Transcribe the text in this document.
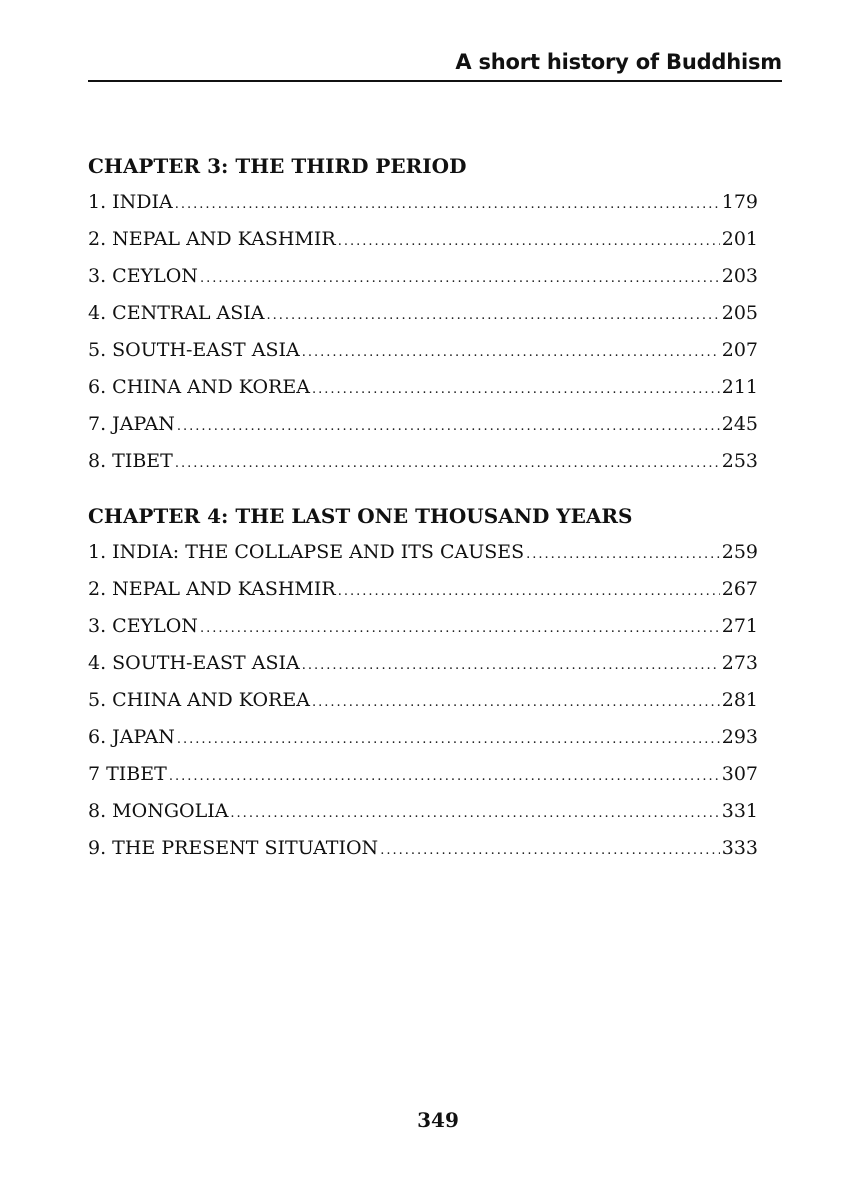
A short history of Buddhism
CHAPTER 3: THE THIRD PERIOD
1. INDIA .....	179
2. NEPAL AND KASHMIR .....	201
3. CEYLON .....	203
4. CENTRAL ASIA .....	205
5. SOUTH-EAST ASIA .....	207
6. CHINA AND KOREA .....	211
7. JAPAN .....	245
8. TIBET .....	253
CHAPTER 4: THE LAST ONE THOUSAND YEARS
1. INDIA: THE COLLAPSE AND ITS CAUSES .....	259
2. NEPAL AND KASHMIR .....	267
3. CEYLON .....	271
4. SOUTH-EAST ASIA .....	273
5. CHINA AND KOREA .....	281
6. JAPAN .....	293
7 TIBET .....	307
8. MONGOLIA .....	331
9. THE PRESENT SITUATION .....	333
349
